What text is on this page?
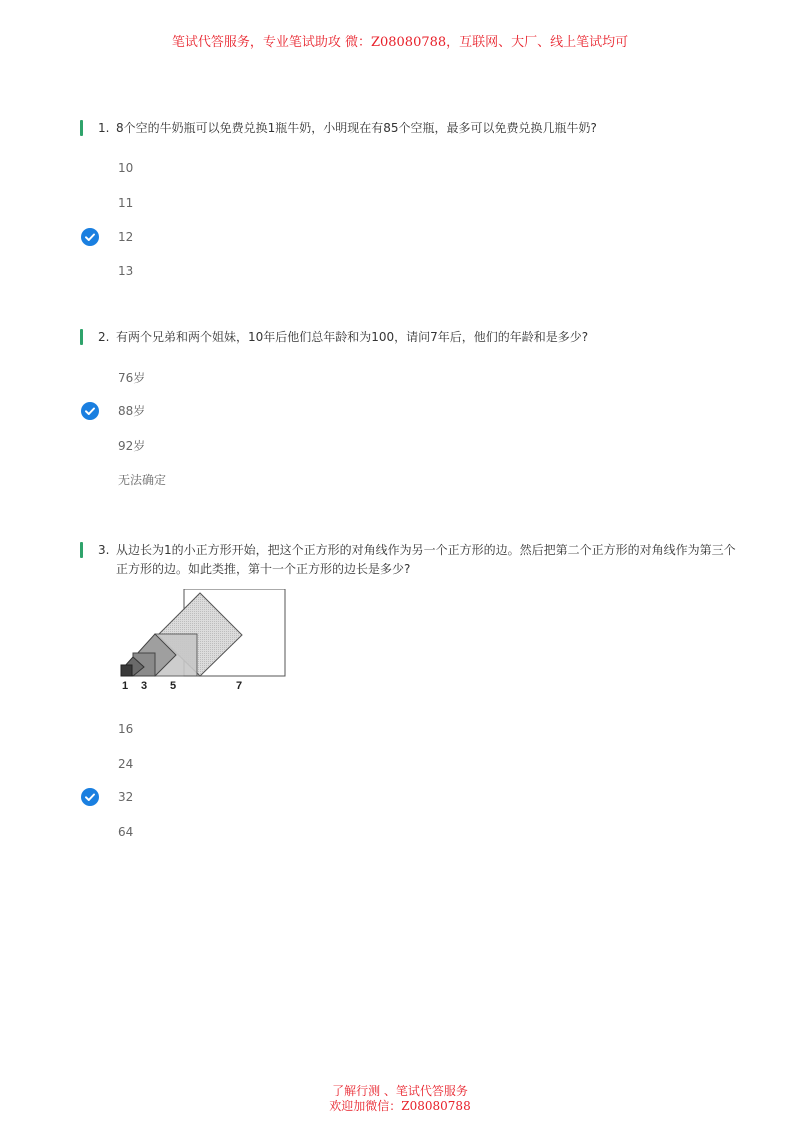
笔试代答服务，专业笔试助攻 微：Z08080788，互联网、大厂、线上笔试均可
1. 8个空的牛奶瓶可以免费兑换1瓶牛奶，小明现在有85个空瓶，最多可以免费兑换几瓶牛奶?
10
11
12
13
2. 有两个兄弟和两个姐妹，10年后他们总年龄和为100，请问7年后，他们的年龄和是多少?
76岁
88岁
92岁
无法确定
3. 从边长为1的小正方形开始，把这个正方形的对角线作为另一个正方形的边。然后把第二个正方形的对角线作为第三个
正方形的边。如此类推，第十一个正方形的边长是多少?
1 3 5	7
16
24
32
64
了解行测 、笔试代答服务
欢迎加微信：Z08080788
